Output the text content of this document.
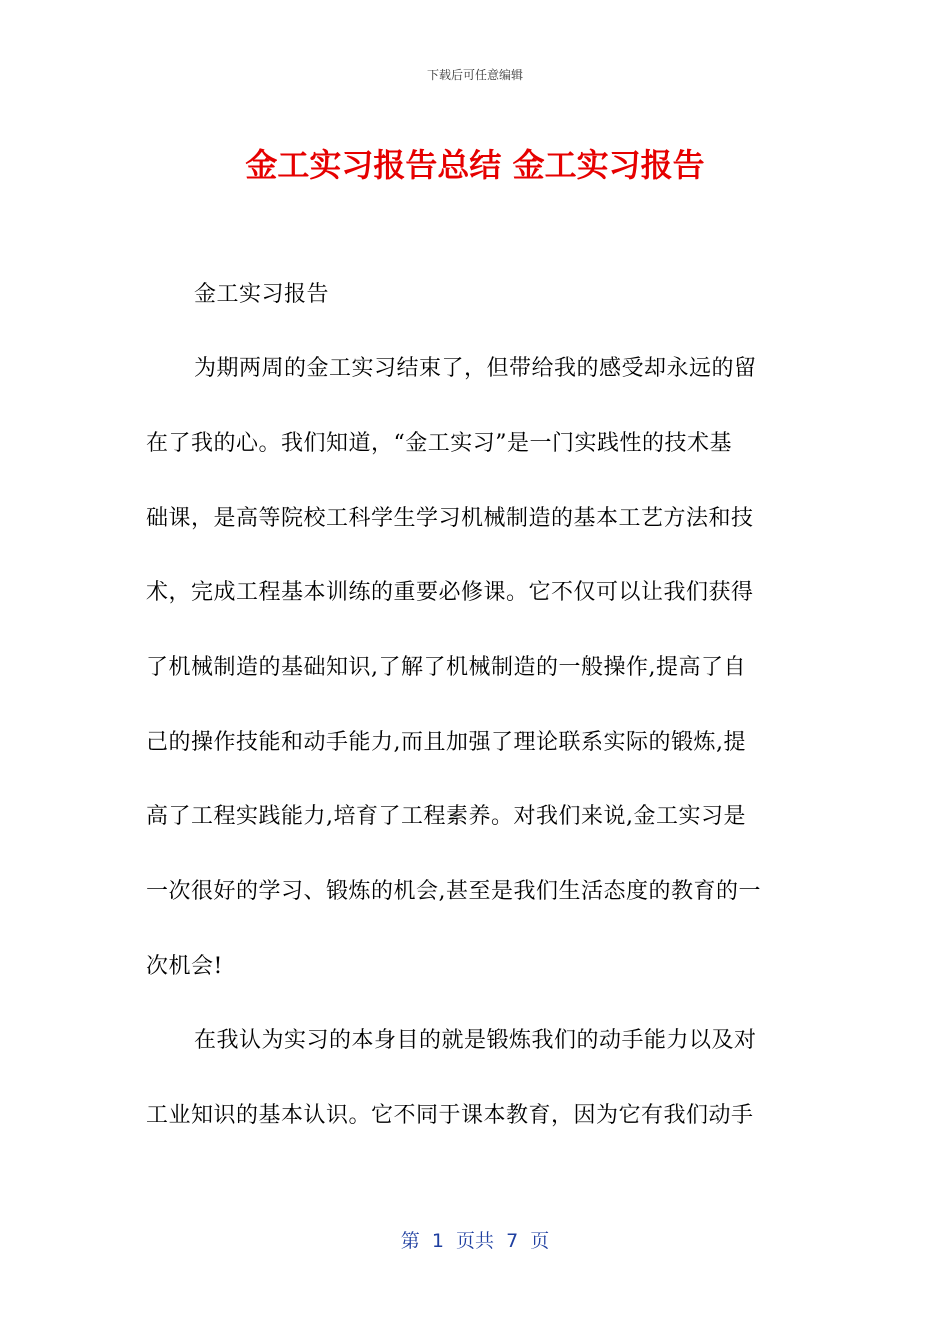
下载后可任意编辑
金工实习报告总结 金工实习报告
金工实习报告
为期两周的金工实习结束了，但带给我的感受却永远的留
在了我的心。我们知道，“金工实习”是一门实践性的技术基
础课，是高等院校工科学生学习机械制造的基本工艺方法和技
术，完成工程基本训练的重要必修课。它不仅可以让我们获得
了机械制造的基础知识,了解了机械制造的一般操作,提高了自
己的操作技能和动手能力,而且加强了理论联系实际的锻炼,提
高了工程实践能力,培育了工程素养。对我们来说,金工实习是
一次很好的学习、锻炼的机会,甚至是我们生活态度的教育的一
次机会!
在我认为实习的本身目的就是锻炼我们的动手能力以及对
工业知识的基本认识。它不同于课本教育，因为它有我们动手
第  1  页共  7  页
